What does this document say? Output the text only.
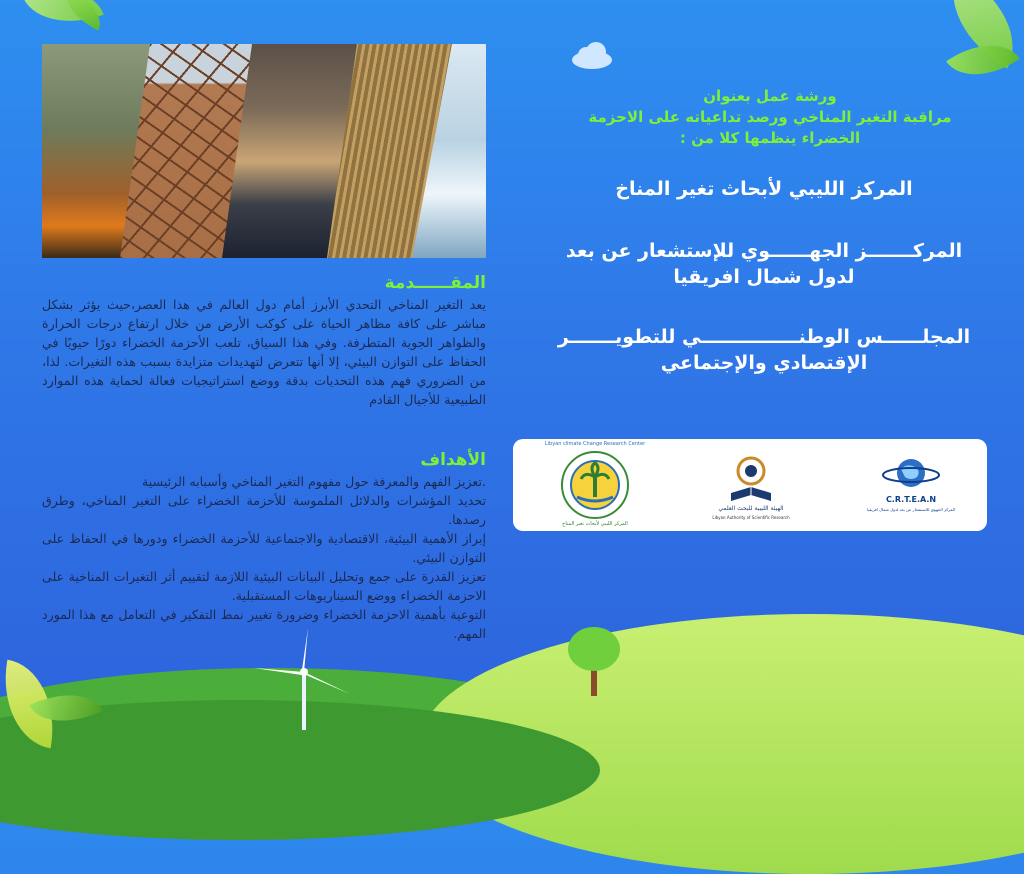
المقــــــدمة
يعد التغير المناخي التحدي الأبرز أمام دول العالم في هذا العصر،حيث يؤثر بشكل مباشر على كافة مظاهر الحياة على كوكب الأرض من خلال ارتفاع درجات الحرارة والظواهر الجوية المتطرفة. وفي هذا السياق، تلعب الأحزمة الخضراء دورًا حيويًا في الحفاظ على التوازن البيئي، إلا أنها تتعرض لتهديدات متزايدة بسبب هذه التغيرات. لذا، من الضروري فهم هذه التحديات بدقة ووضع استراتيجيات فعالة لحماية هذه الموارد الطبيعية للأجيال القادم
الأهداف
.تعزيز الفهم والمعرفة حول مفهوم التغير المناخي وأسبابه الرئيسية
تحديد المؤشرات والدلائل الملموسة للأحزمة الخضراء على التغير المناخي، وطرق رصدها.
إبراز الأهمية البيئية، الاقتصادية والاجتماعية للأحزمة الخضراء ودورها في الحفاظ على التوازن البيئي.
تعزيز القدرة على جمع وتحليل البيانات البيئية اللازمة لتقييم أثر التغيرات المناخية على الاحزمة الخضراء ووضع السيناريوهات المستقبلية.
التوعية بأهمية الاحزمة الخضراء وضرورة تغيير نمط التفكير في التعامل مع هذا المورد المهم.
ورشة عمل بعنوان
مراقبة التغير المناخي ورصد تداعياته على الاحزمة الخضراء ينظمها كلا من :
المركز الليبي لأبحاث تغير المناخ
المركـــــــز الجهــــــوي للإستشعار عن بعد لدول شمال افريقيا
المجلــــــس الوطنـــــــــــــــي للتطويـــــــر الإقتصادي والإجتماعي
Libyan climate Change Research Center
المركز الليبي لأبحاث تغير المناخ
الهيئة الليبية للبحث العلمي
Libyan Authority of Scientific Research
C.R.T.E.A.N
المركز الجهوي للاستشعار عن بعد لدول شمال افريقيا
